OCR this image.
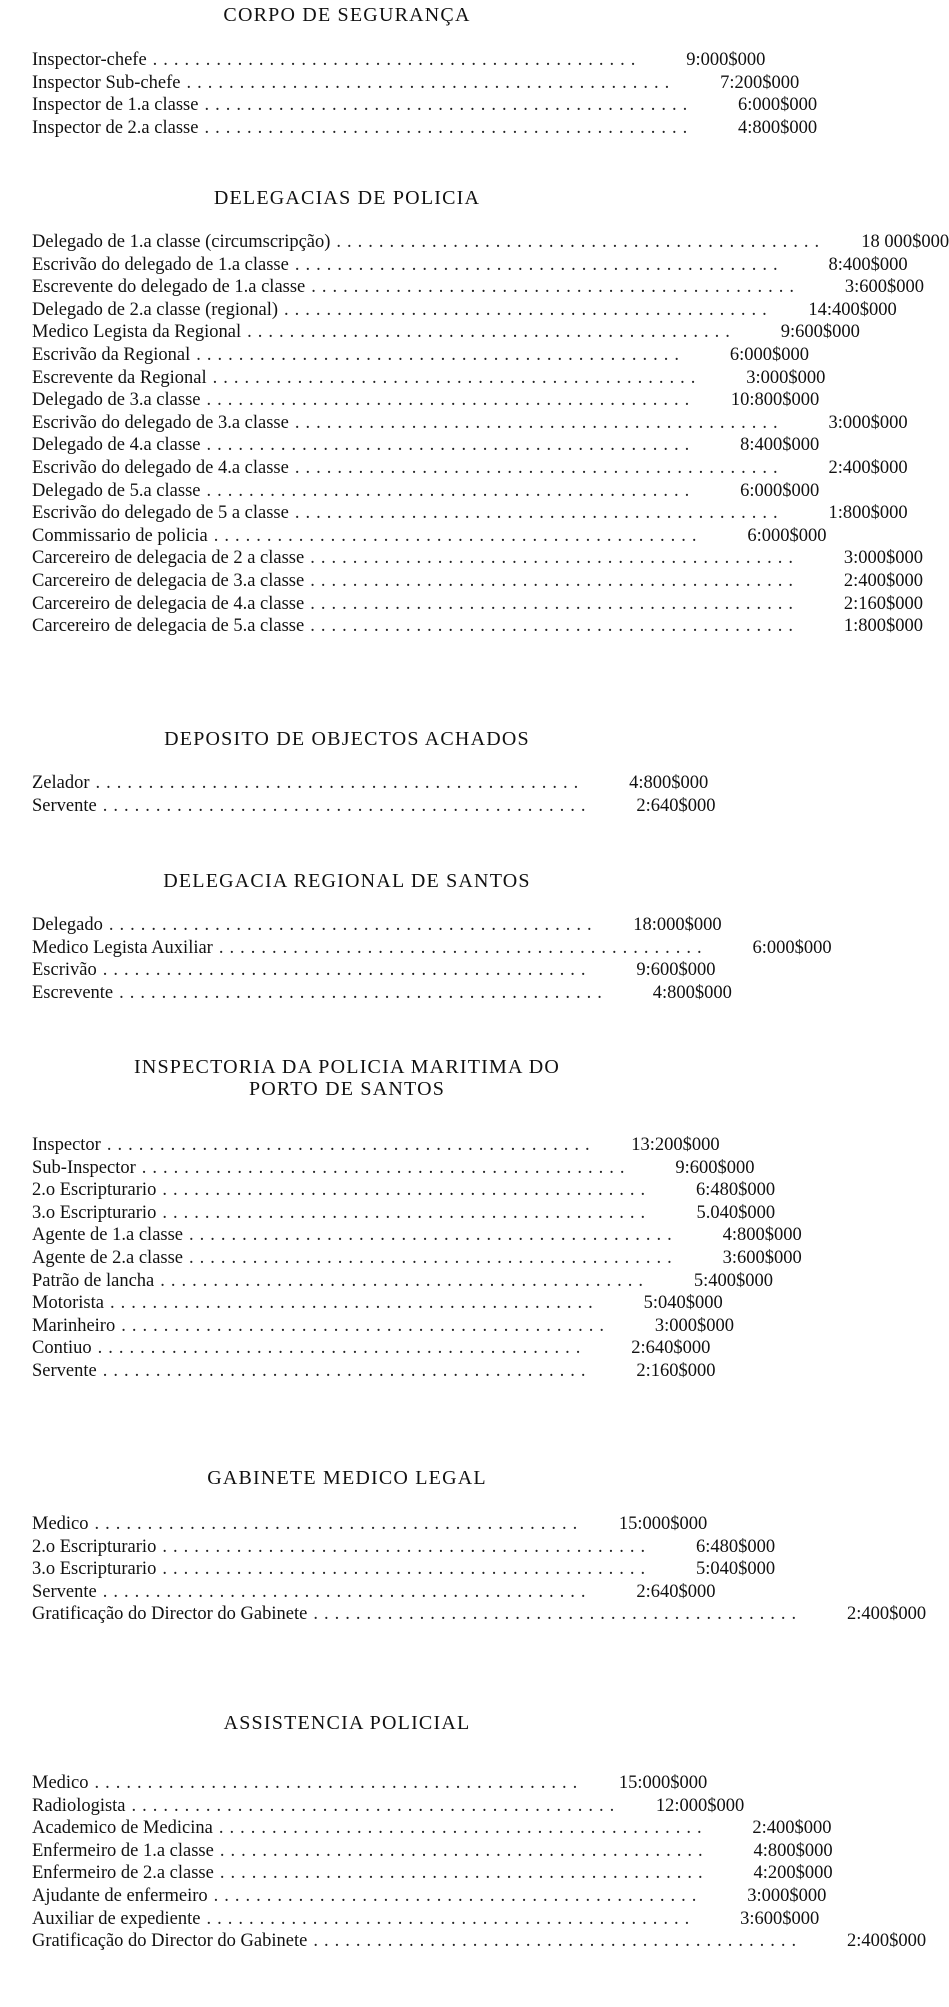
CORPO DE SEGURANÇA
Inspector-chefe ..............................................	9:000$000
Inspector Sub-chefe ..............................................	7:200$000
Inspector de 1.a classe ..............................................	6:000$000
Inspector de 2.a classe ..............................................	4:800$000
DELEGACIAS DE POLICIA
Delegado de 1.a classe (circumscripção) ..............................................	18 000$000
Escrivão do delegado de 1.a classe ..............................................	8:400$000
Escrevente do delegado de 1.a classe ..............................................	3:600$000
Delegado de 2.a classe (regional) ..............................................	14:400$000
Medico Legista da Regional ..............................................	9:600$000
Escrivão da Regional ..............................................	6:000$000
Escrevente da Regional ..............................................	3:000$000
Delegado de 3.a classe ..............................................	10:800$000
Escrivão do delegado de 3.a classe ..............................................	3:000$000
Delegado de 4.a classe ..............................................	8:400$000
Escrivão do delegado de 4.a classe ..............................................	2:400$000
Delegado de 5.a classe ..............................................	6:000$000
Escrivão do delegado de 5 a classe ..............................................	1:800$000
Commissario de policia ..............................................	6:000$000
Carcereiro de delegacia de 2 a classe ..............................................	3:000$000
Carcereiro de delegacia de 3.a classe ..............................................	2:400$000
Carcereiro de delegacia de 4.a classe ..............................................	2:160$000
Carcereiro de delegacia de 5.a classe ..............................................	1:800$000
DEPOSITO DE OBJECTOS ACHADOS
Zelador ..............................................	4:800$000
Servente ..............................................	2:640$000
DELEGACIA REGIONAL DE SANTOS
Delegado ..............................................	18:000$000
Medico Legista Auxiliar ..............................................	6:000$000
Escrivão ..............................................	9:600$000
Escrevente ..............................................	4:800$000
INSPECTORIA DA POLICIA MARITIMA DO
PORTO DE SANTOS
Inspector ..............................................	13:200$000
Sub-Inspector ..............................................	9:600$000
2.o Escripturario ..............................................	6:480$000
3.o Escripturario ..............................................	5.040$000
Agente de 1.a classe ..............................................	4:800$000
Agente de 2.a classe ..............................................	3:600$000
Patrão de lancha ..............................................	5:400$000
Motorista ..............................................	5:040$000
Marinheiro ..............................................	3:000$000
Contiuo ..............................................	2:640$000
Servente ..............................................	2:160$000
GABINETE MEDICO LEGAL
Medico ..............................................	15:000$000
2.o Escripturario ..............................................	6:480$000
3.o Escripturario ..............................................	5:040$000
Servente ..............................................	2:640$000
Gratificação do Director do Gabinete ..............................................	2:400$000
ASSISTENCIA POLICIAL
Medico ..............................................	15:000$000
Radiologista ..............................................	12:000$000
Academico de Medicina ..............................................	2:400$000
Enfermeiro de 1.a classe ..............................................	4:800$000
Enfermeiro de 2.a classe ..............................................	4:200$000
Ajudante de enfermeiro ..............................................	3:000$000
Auxiliar de expediente ..............................................	3:600$000
Gratificação do Director do Gabinete ..............................................	2:400$000
